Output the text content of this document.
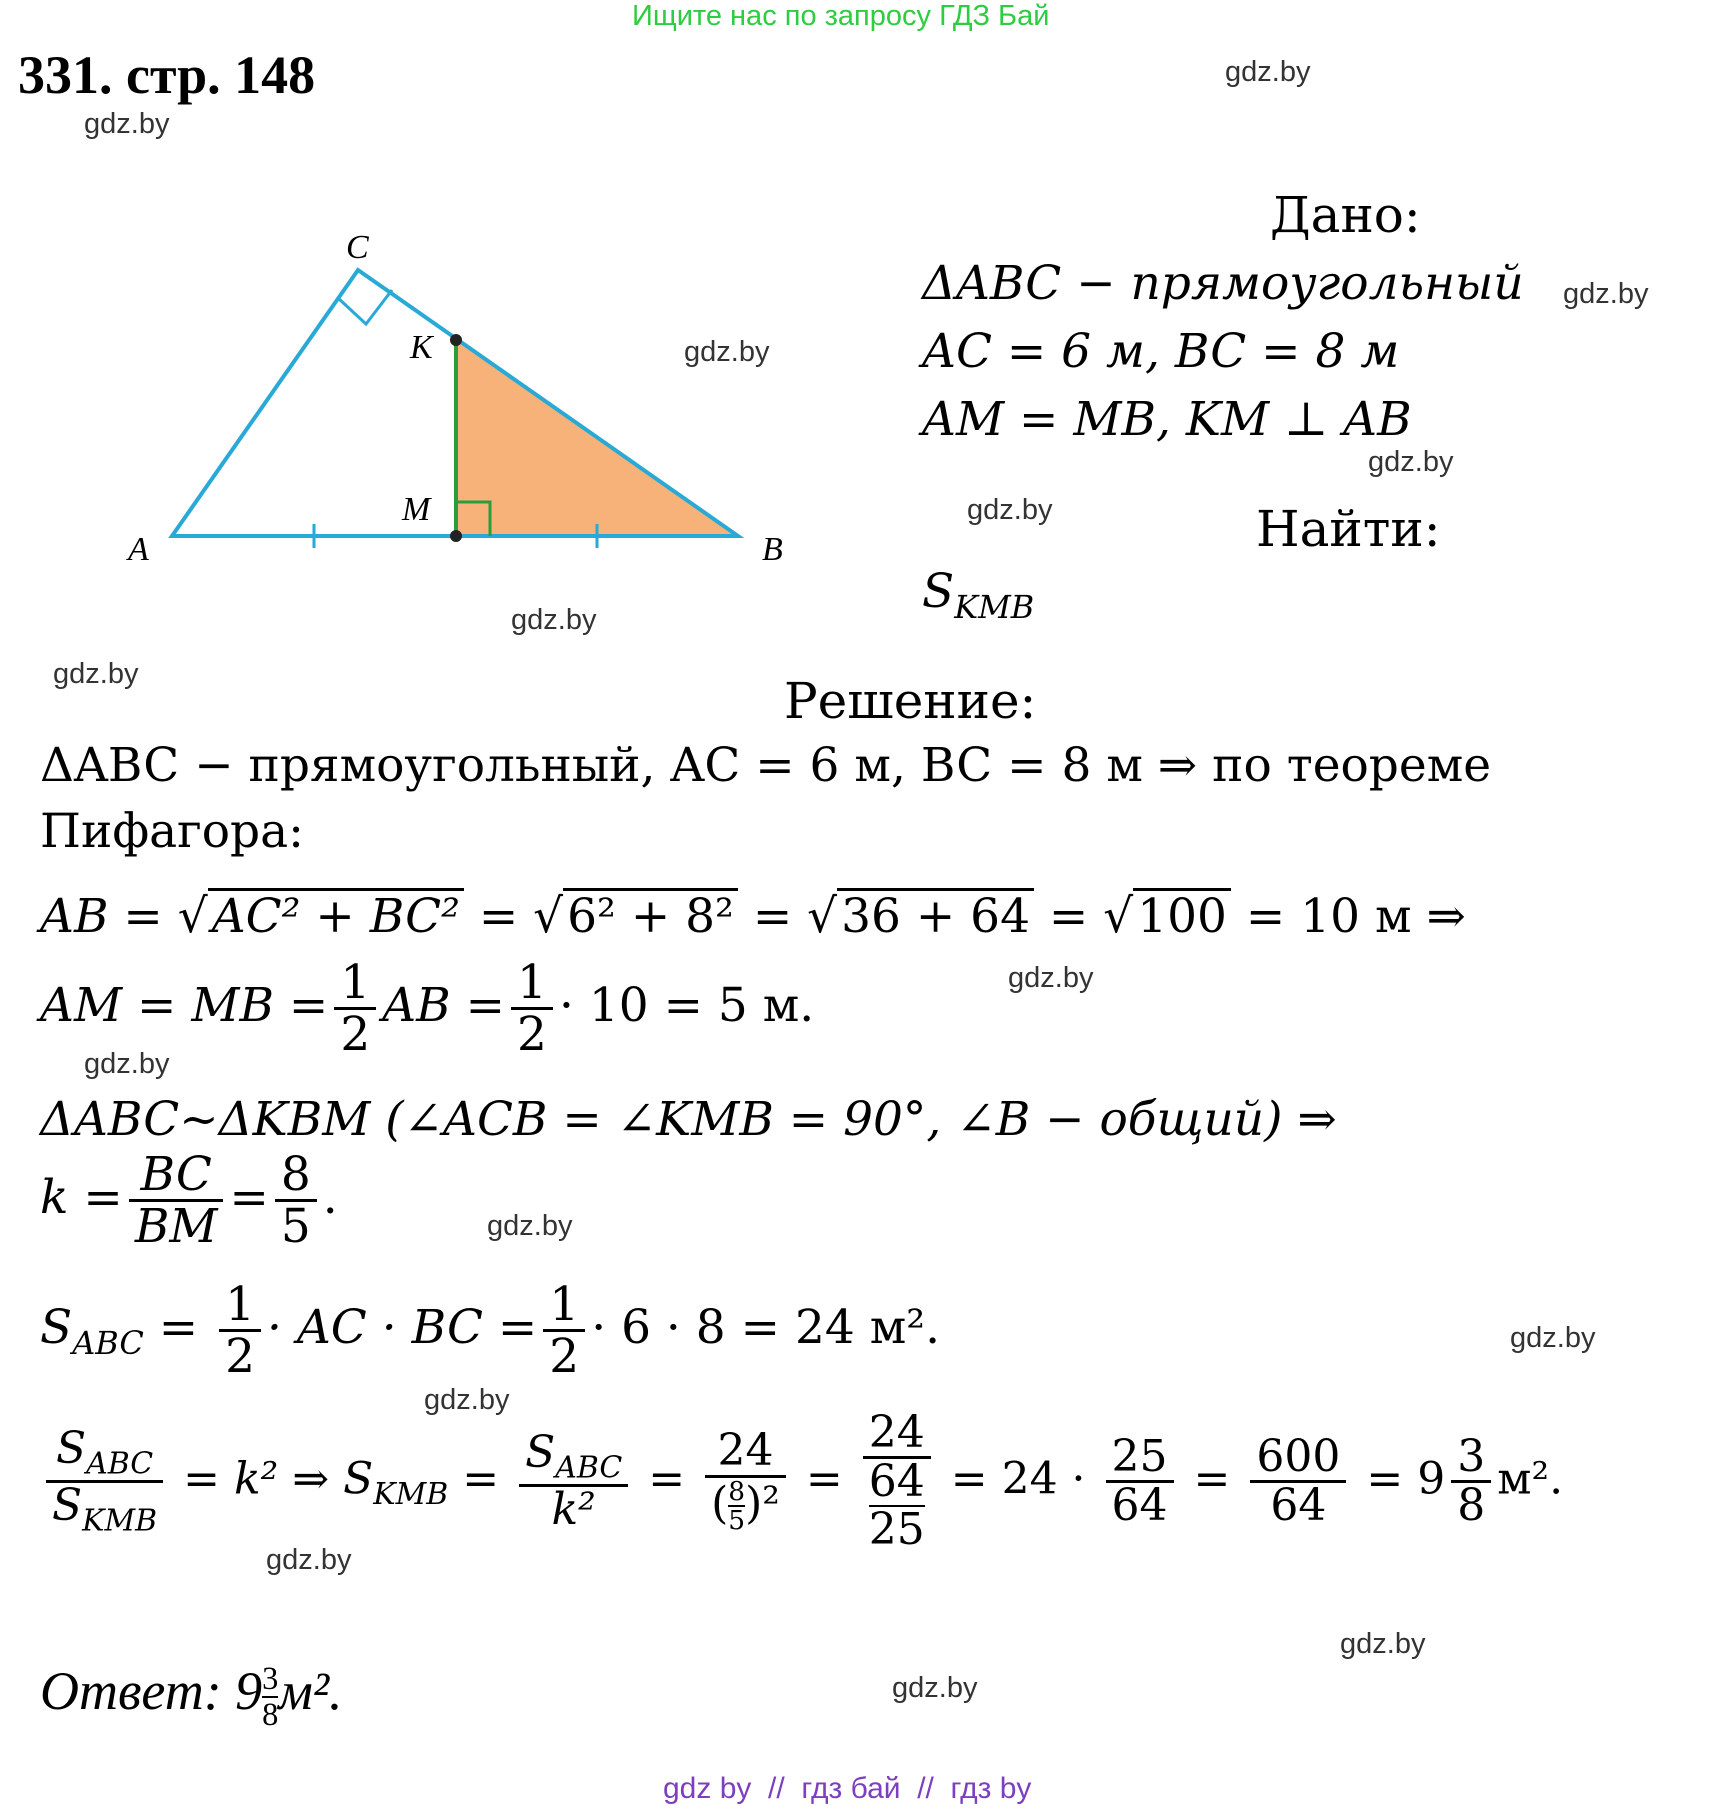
Ищите нас по запросу ГДЗ Бай
331. стр. 148
gdz.by
gdz.by
gdz.by
gdz.by
gdz.by
gdz.by
gdz.by
gdz.by
gdz.by
gdz.by
gdz.by
gdz.by
gdz.by
gdz.by
gdz.by
gdz.by
A	B
C
K
M
Дано:
ΔABC − прямоугольный
AC = 6 м, BC = 8 м
AM = MB, KM ⊥ AB
Найти:
$S_{KMB}$
Решение:
ΔABC − прямоугольный, AC = 6 м, BC = 8 м ⇒ по теореме
Пифагора:
AB = √AC² + BC² = √6² + 8² = √36 + 64 = √100 = 10 м ⇒
AM = MB = $\frac{1}{2}$ AB = $\frac{1}{2} \cdot 10 = 5$ м.
ΔABC~ΔKBM (∠ACB = ∠KMB = 90°, ∠B − общий) ⇒
$k = \frac{BC}{BM} = \frac{8}{5}$ .
$S_{ABC} = \frac{1}{2}$ · AC · BC = $\frac{1}{2} \cdot 6 \cdot 8 = 24$ м².
$S_{ABC}$
$S_{KMB}$
= k² ⇒ $S_{KMB}$ =
$S_{ABC}$
k²
= $\frac{24}{( \frac{8}{5} )^2} = \frac{24}{\frac{64}{25}} = 24 \cdot \frac{25}{64} = \frac{600}{64} = 9 \frac{3}{8} м^2$.
Ответ: $9 \frac{3}{8} м^2$.
gdz by  //  гдз бай  //  гдз by
